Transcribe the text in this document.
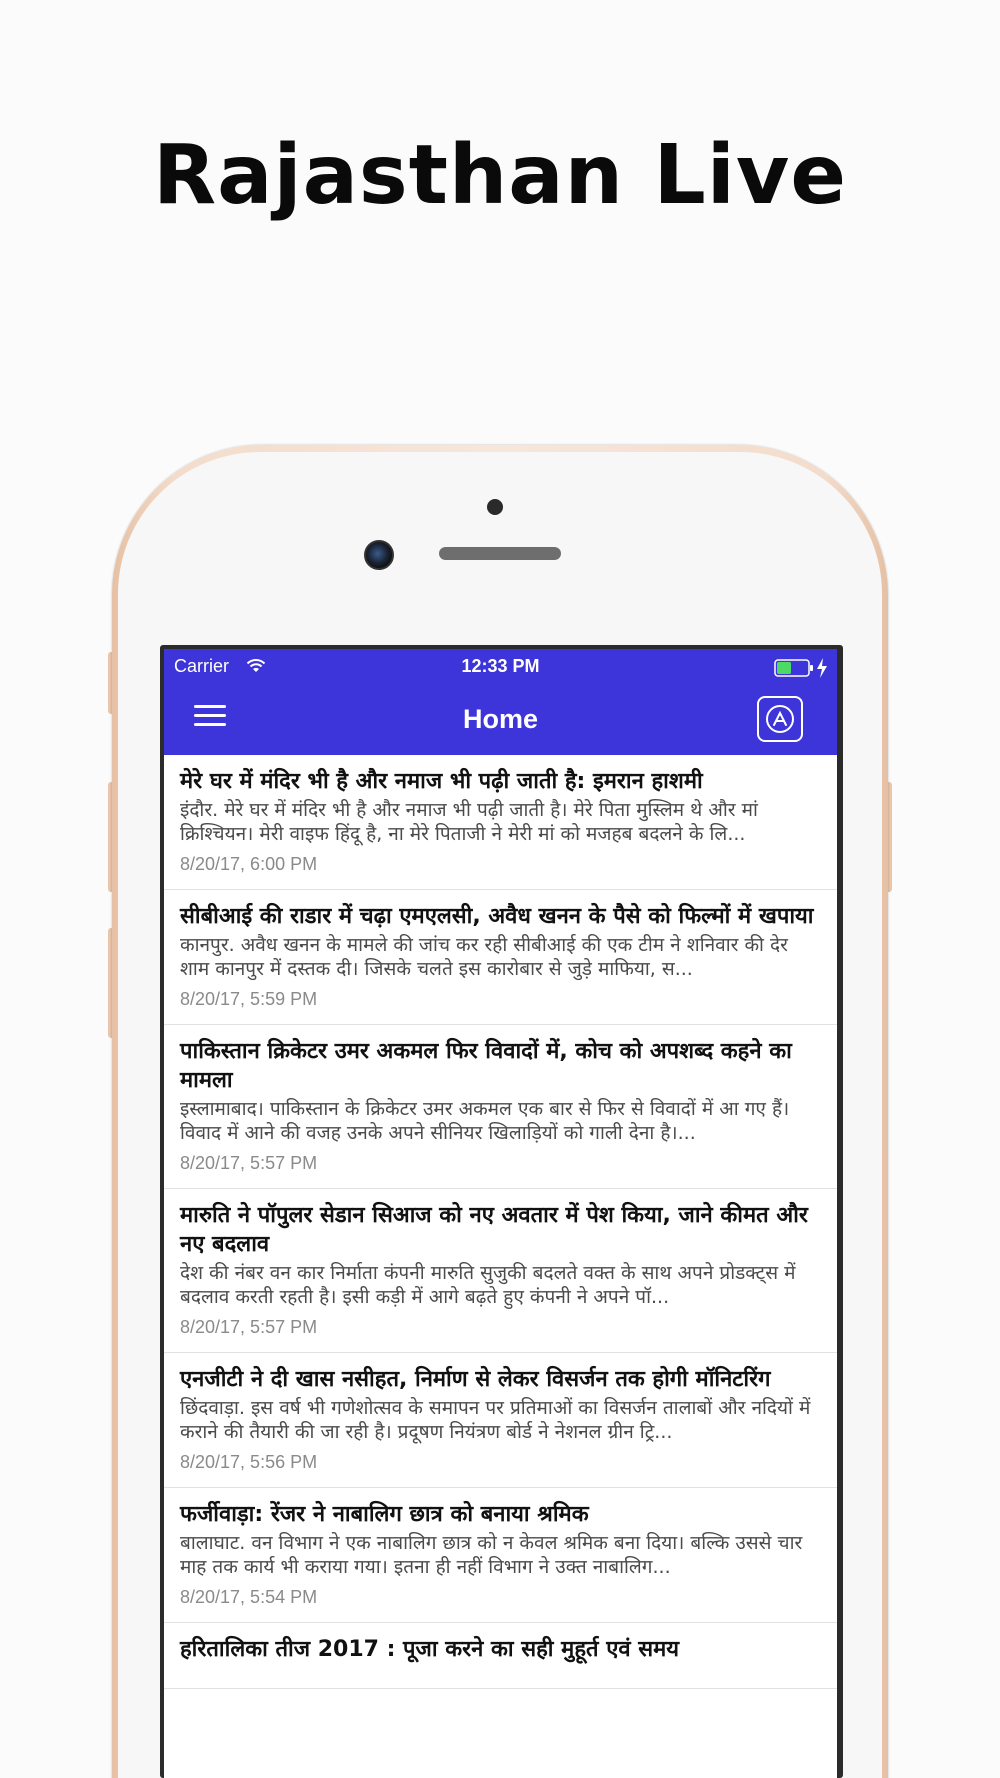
Rajasthan Live
Carrier	12:33 PM
Home
मेरे घर में मंदिर भी है और नमाज भी पढ़ी जाती है: इमरान हाशमी
इंदौर. मेरे घर में मंदिर भी है और नमाज भी पढ़ी जाती है। मेरे पिता मुस्लिम थे और मां क्रिश्चियन। मेरी वाइफ हिंदू है, ना मेरे पिताजी ने मेरी मां को मजहब बदलने के लि...
8/20/17, 6:00 PM
सीबीआई की राडार में चढ़ा एमएलसी, अवैध खनन के पैसे को फिल्मों में खपाया
कानपुर. अवैध खनन के मामले की जांच कर रही सीबीआई की एक टीम ने शनिवार की देर शाम कानपुर में दस्तक दी। जिसके चलते इस कारोबार से जुड़े माफिया, स...
8/20/17, 5:59 PM
पाकिस्तान क्रिकेटर उमर अकमल फिर विवादों में, कोच को अपशब्द कहने का मामला
इस्लामाबाद। पाकिस्तान के क्रिकेटर उमर अकमल एक बार से फिर से विवादों में आ गए हैं। विवाद में आने की वजह उनके अपने सीनियर खिलाड़ियों को गाली देना है।...
8/20/17, 5:57 PM
मारुति ने पॉपुलर सेडान सिआज को नए अवतार में पेश किया, जाने कीमत और नए बदलाव
देश की नंबर वन कार निर्माता कंपनी मारुति सुजुकी बदलते वक्त के साथ अपने प्रोडक्ट्स में बदलाव करती रहती है। इसी कड़ी में आगे बढ़ते हुए कंपनी ने अपने पॉ...
8/20/17, 5:57 PM
एनजीटी ने दी खास नसीहत, निर्माण से लेकर विसर्जन तक होगी मॉनिटरिंग
छिंदवाड़ा. इस वर्ष भी गणेशोत्सव के समापन पर प्रतिमाओं का विसर्जन तालाबों और नदियों में कराने की तैयारी की जा रही है। प्रदूषण नियंत्रण बोर्ड ने नेशनल ग्रीन ट्रि...
8/20/17, 5:56 PM
फर्जीवाड़ा: रेंजर ने नाबालिग छात्र को बनाया श्रमिक
बालाघाट. वन विभाग ने एक नाबालिग छात्र को न केवल श्रमिक बना दिया। बल्कि उससे चार माह तक कार्य भी कराया गया। इतना ही नहीं विभाग ने उक्त नाबालिग...
8/20/17, 5:54 PM
हरितालिका तीज 2017 : पूजा करने का सही मुहूर्त एवं समय
